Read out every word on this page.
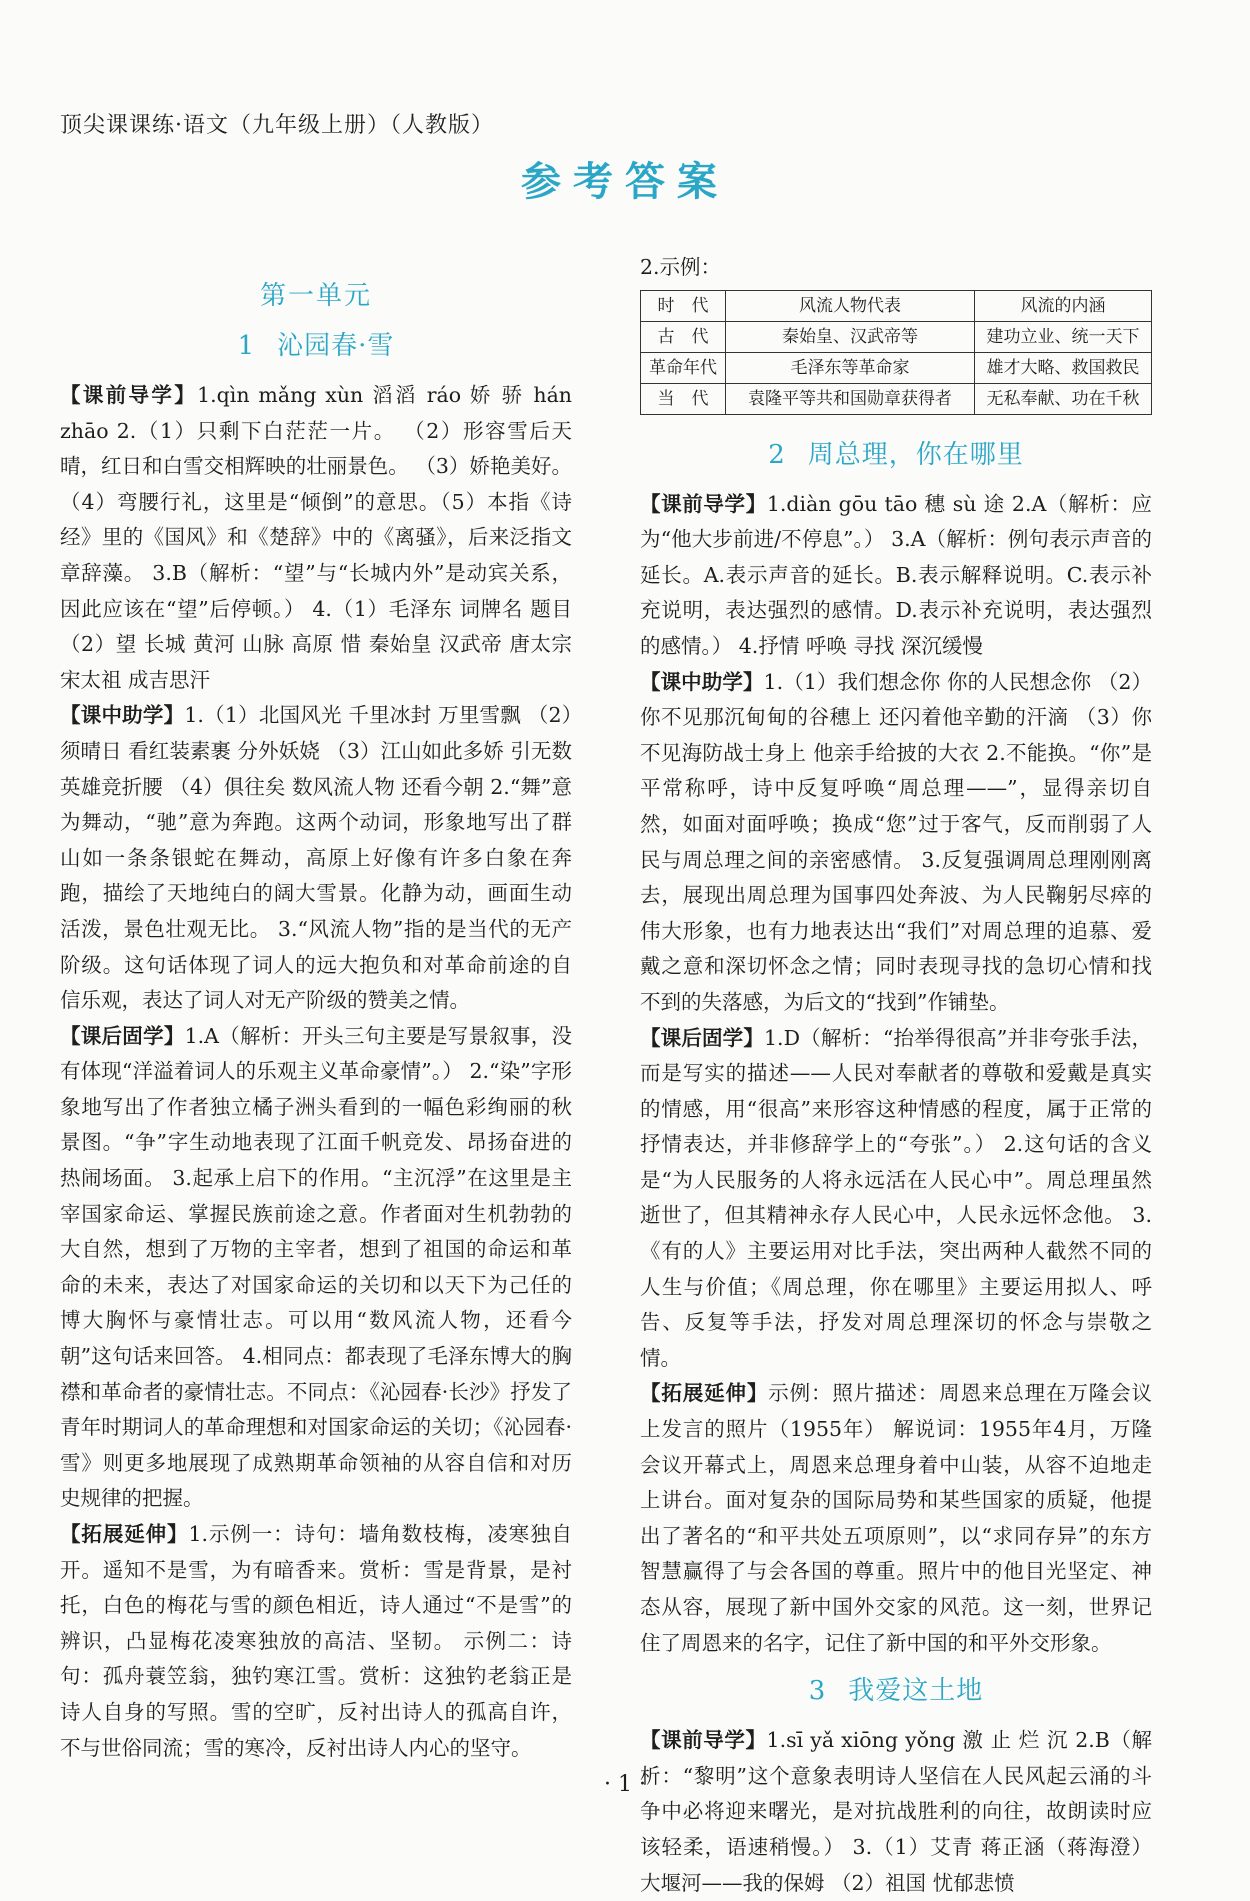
顶尖课课练·语文（九年级上册）（人教版）
参考答案
第一单元
1 沁园春·雪

【课前导学】1.qìn mǎng xùn 滔滔 ráo 娇 骄 hán zhāo 2.（1）只剩下白茫茫一片。 （2）形容雪后天晴，红日和白雪交相辉映的壮丽景色。 （3）娇艳美好。 （4）弯腰行礼，这里是“倾倒”的意思。（5）本指《诗经》里的《国风》和《楚辞》中的《离骚》，后来泛指文章辞藻。 3.B（解析：“望”与“长城内外”是动宾关系，因此应该在“望”后停顿。） 4.（1）毛泽东 词牌名 题目 （2）望 长城 黄河 山脉 高原 惜 秦始皇 汉武帝 唐太宗 宋太祖 成吉思汗

【课中助学】1.（1）北国风光 千里冰封 万里雪飘 （2）须晴日 看红装素裹 分外妖娆 （3）江山如此多娇 引无数英雄竞折腰 （4）俱往矣 数风流人物 还看今朝 2.“舞”意为舞动，“驰”意为奔跑。这两个动词，形象地写出了群山如一条条银蛇在舞动，高原上好像有许多白象在奔跑，描绘了天地纯白的阔大雪景。化静为动，画面生动活泼，景色壮观无比。 3.“风流人物”指的是当代的无产阶级。这句话体现了词人的远大抱负和对革命前途的自信乐观，表达了词人对无产阶级的赞美之情。

【课后固学】1.A（解析：开头三句主要是写景叙事，没有体现“洋溢着词人的乐观主义革命豪情”。） 2.“染”字形象地写出了作者独立橘子洲头看到的一幅色彩绚丽的秋景图。“争”字生动地表现了江面千帆竞发、昂扬奋进的热闹场面。 3.起承上启下的作用。“主沉浮”在这里是主宰国家命运、掌握民族前途之意。作者面对生机勃勃的大自然，想到了万物的主宰者，想到了祖国的命运和革命的未来，表达了对国家命运的关切和以天下为己任的博大胸怀与豪情壮志。可以用“数风流人物，还看今朝”这句话来回答。 4.相同点：都表现了毛泽东博大的胸襟和革命者的豪情壮志。不同点：《沁园春·长沙》抒发了青年时期词人的革命理想和对国家命运的关切；《沁园春·雪》则更多地展现了成熟期革命领袖的从容自信和对历史规律的把握。

【拓展延伸】1.示例一：诗句：墙角数枝梅，凌寒独自开。遥知不是雪，为有暗香来。赏析：雪是背景，是衬托，白色的梅花与雪的颜色相近，诗人通过“不是雪”的辨识，凸显梅花凌寒独放的高洁、坚韧。 示例二：诗句：孤舟蓑笠翁，独钓寒江雪。赏析：这独钓老翁正是诗人自身的写照。雪的空旷，反衬出诗人的孤高自许，不与世俗同流；雪的寒冷，反衬出诗人内心的坚守。

2.示例：

时　代	风流人物代表	风流的内涵
古　代	秦始皇、汉武帝等	建功立业、统一天下
革命年代	毛泽东等革命家	雄才大略、救国救民
当　代	袁隆平等共和国勋章获得者	无私奉献、功在千秋
2 周总理，你在哪里

【课前导学】1.diàn gōu tāo 穗 sù 途 2.A（解析：应为“他大步前进/不停息”。） 3.A（解析：例句表示声音的延长。A.表示声音的延长。B.表示解释说明。C.表示补充说明，表达强烈的感情。D.表示补充说明，表达强烈的感情。） 4.抒情 呼唤 寻找 深沉缓慢

【课中助学】1.（1）我们想念你 你的人民想念你 （2）你不见那沉甸甸的谷穗上 还闪着他辛勤的汗滴 （3）你不见海防战士身上 他亲手给披的大衣 2.不能换。“你”是平常称呼，诗中反复呼唤“周总理——”，显得亲切自然，如面对面呼唤；换成“您”过于客气，反而削弱了人民与周总理之间的亲密感情。 3.反复强调周总理刚刚离去，展现出周总理为国事四处奔波、为人民鞠躬尽瘁的伟大形象，也有力地表达出“我们”对周总理的追慕、爱戴之意和深切怀念之情；同时表现寻找的急切心情和找不到的失落感，为后文的“找到”作铺垫。

【课后固学】1.D（解析：“抬举得很高”并非夸张手法，而是写实的描述——人民对奉献者的尊敬和爱戴是真实的情感，用“很高”来形容这种情感的程度，属于正常的抒情表达，并非修辞学上的“夸张”。） 2.这句话的含义是“为人民服务的人将永远活在人民心中”。周总理虽然逝世了，但其精神永存人民心中，人民永远怀念他。 3.《有的人》主要运用对比手法，突出两种人截然不同的人生与价值；《周总理，你在哪里》主要运用拟人、呼告、反复等手法，抒发对周总理深切的怀念与崇敬之情。

【拓展延伸】示例：照片描述：周恩来总理在万隆会议上发言的照片（1955年） 解说词：1955年4月，万隆会议开幕式上，周恩来总理身着中山装，从容不迫地走上讲台。面对复杂的国际局势和某些国家的质疑，他提出了著名的“和平共处五项原则”，以“求同存异”的东方智慧赢得了与会各国的尊重。照片中的他目光坚定、神态从容，展现了新中国外交家的风范。这一刻，世界记住了周恩来的名字，记住了新中国的和平外交形象。

3 我爱这土地

【课前导学】1.sī yǎ xiōng yǒng 激 止 烂 沉 2.B（解析：“黎明”这个意象表明诗人坚信在人民风起云涌的斗争中必将迎来曙光，是对抗战胜利的向往，故朗读时应该轻柔，语速稍慢。） 3.（1）艾青 蒋正涵（蒋海澄） 大堰河——我的保姆 （2）祖国 忧郁悲愤

· 1 ·
